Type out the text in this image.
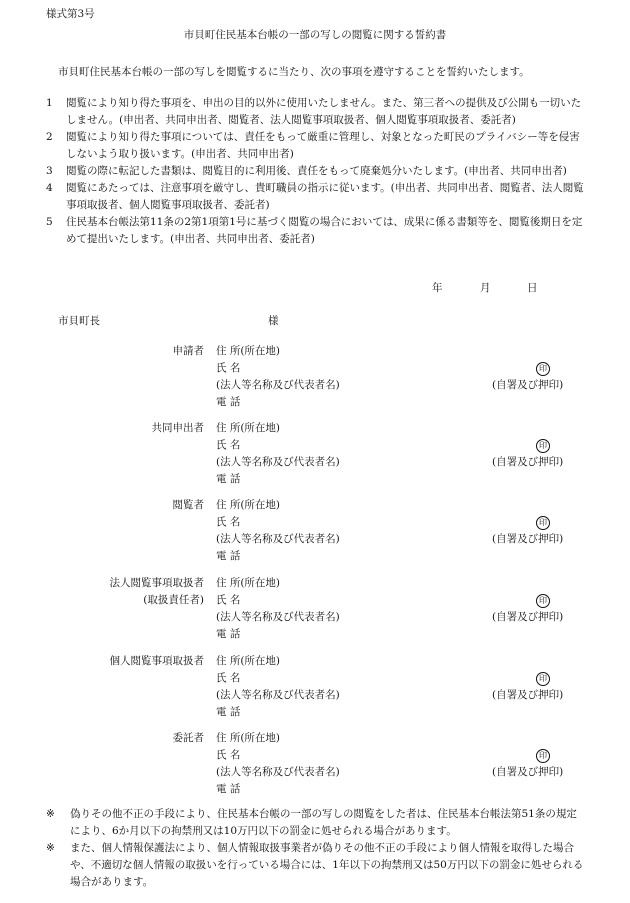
様式第3号
市貝町住民基本台帳の一部の写しの閲覧に関する誓約書
市貝町住民基本台帳の一部の写しを閲覧するに当たり、次の事項を遵守することを誓約いたします。
1 閲覧により知り得た事項を、申出の目的以外に使用いたしません。また、第三者への提供及び公開も一切いたしません。(申出者、共同申出者、閲覧者、法人閲覧事項取扱者、個人閲覧事項取扱者、委託者)
2 閲覧により知り得た事項については、責任をもって厳重に管理し、対象となった町民のプライバシー等を侵害しないよう取り扱います。(申出者、共同申出者)
3 閲覧の際に転記した書類は、閲覧目的に利用後、責任をもって廃棄処分いたします。(申出者、共同申出者)
4 閲覧にあたっては、注意事項を厳守し、貴町職員の指示に従います。(申出者、共同申出者、閲覧者、法人閲覧事項取扱者、個人閲覧事項取扱者、委託者)
5 住民基本台帳法第11条の2第1項第1号に基づく閲覧の場合においては、成果に係る書類等を、閲覧後期日を定めて提出いたします。(申出者、共同申出者、委託者)
年	月	日
市貝町長	様
申請者 住 所(所在地)
氏 名
(法人等名称及び代表者名)
電 話
印
(自署及び押印)
共同申出者 住 所(所在地)
氏 名
(法人等名称及び代表者名)
電 話
印
(自署及び押印)
閲覧者 住 所(所在地)
氏 名
(法人等名称及び代表者名)
電 話
印
(自署及び押印)
法人閲覧事項取扱者
(取扱責任者)
住 所(所在地)
氏 名
(法人等名称及び代表者名)
電 話
印
(自署及び押印)
個人閲覧事項取扱者 住 所(所在地)
氏 名
(法人等名称及び代表者名)
電 話
印
(自署及び押印)
委託者 住 所(所在地)
氏 名
(法人等名称及び代表者名)
電 話
印
(自署及び押印)
※ 偽りその他不正の手段により、住民基本台帳の一部の写しの閲覧をした者は、住民基本台帳法第51条の規定により、6か月以下の拘禁刑又は10万円以下の罰金に処せられる場合があります。
※ また、個人情報保護法により、個人情報取扱事業者が偽りその他不正の手段により個人情報を取得した場合や、不適切な個人情報の取扱いを行っている場合には、1年以下の拘禁刑又は50万円以下の罰金に処せられる場合があります。
